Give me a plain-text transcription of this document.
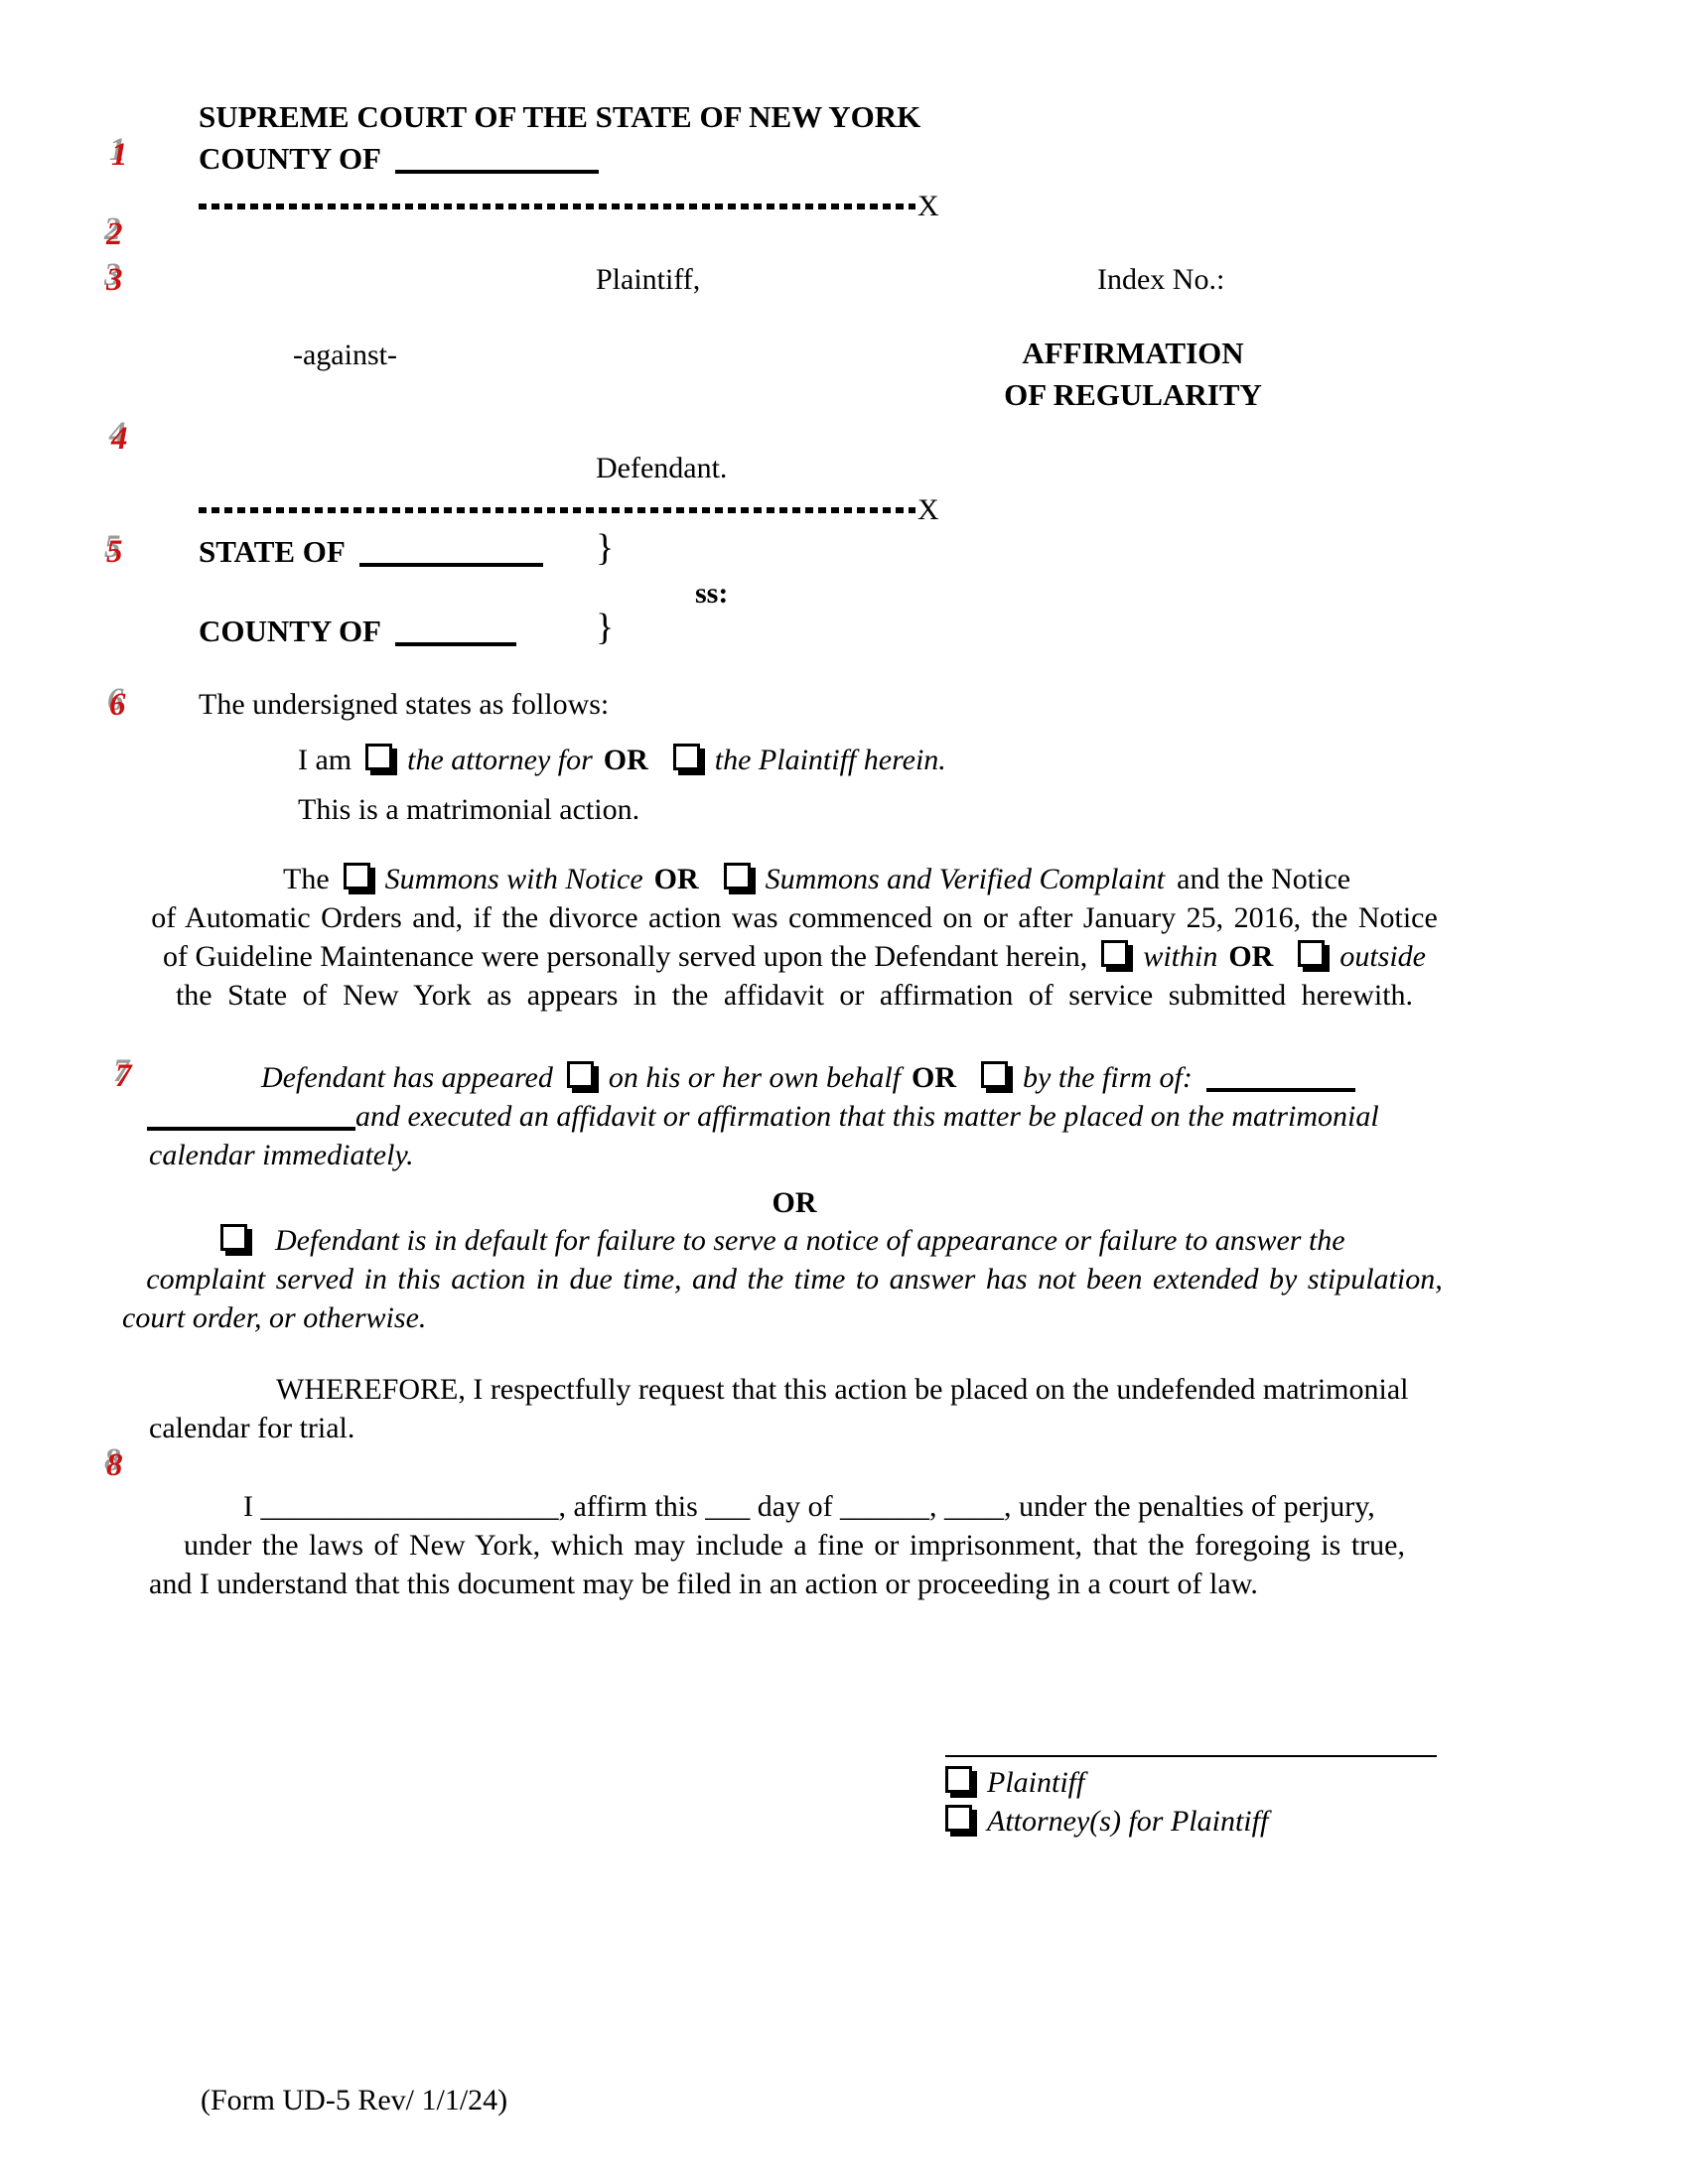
1
2
3
4
5
6
7
8
SUPREME COURT OF THE STATE OF NEW YORK
COUNTY OF
X
Plaintiff,	Index No.:
-against-	AFFIRMATION
OF REGULARITY
Defendant.
X
STATE OF	}
ss:
COUNTY OF	}
The undersigned states as follows:
I am the attorney for OR the Plaintiff herein.
This is a matrimonial action.
The Summons with Notice OR Summons and Verified Complaint and the Notice
of Automatic Orders and, if the divorce action was commenced on or after January 25, 2016, the Notice
of Guideline Maintenance were personally served upon the Defendant herein, within OR outside
the State of New York as appears in the affidavit or affirmation of service submitted herewith.
Defendant has appeared on his or her own behalf OR by the firm of:
and executed an affidavit or affirmation that this matter be placed on the matrimonial
calendar immediately.
OR
Defendant is in default for failure to serve a notice of appearance or failure to answer the
complaint served in this action in due time, and the time to answer has not been extended by stipulation,
court order, or otherwise.
WHEREFORE, I respectfully request that this action be placed on the undefended matrimonial
calendar for trial.
I ____________________, affirm this ___ day of ______, ____, under the penalties of perjury,
under the laws of New York, which may include a fine or imprisonment, that the foregoing is true,
and I understand that this document may be filed in an action or proceeding in a court of law.
Plaintiff
Attorney(s) for Plaintiff
(Form UD-5 Rev/ 1/1/24)
